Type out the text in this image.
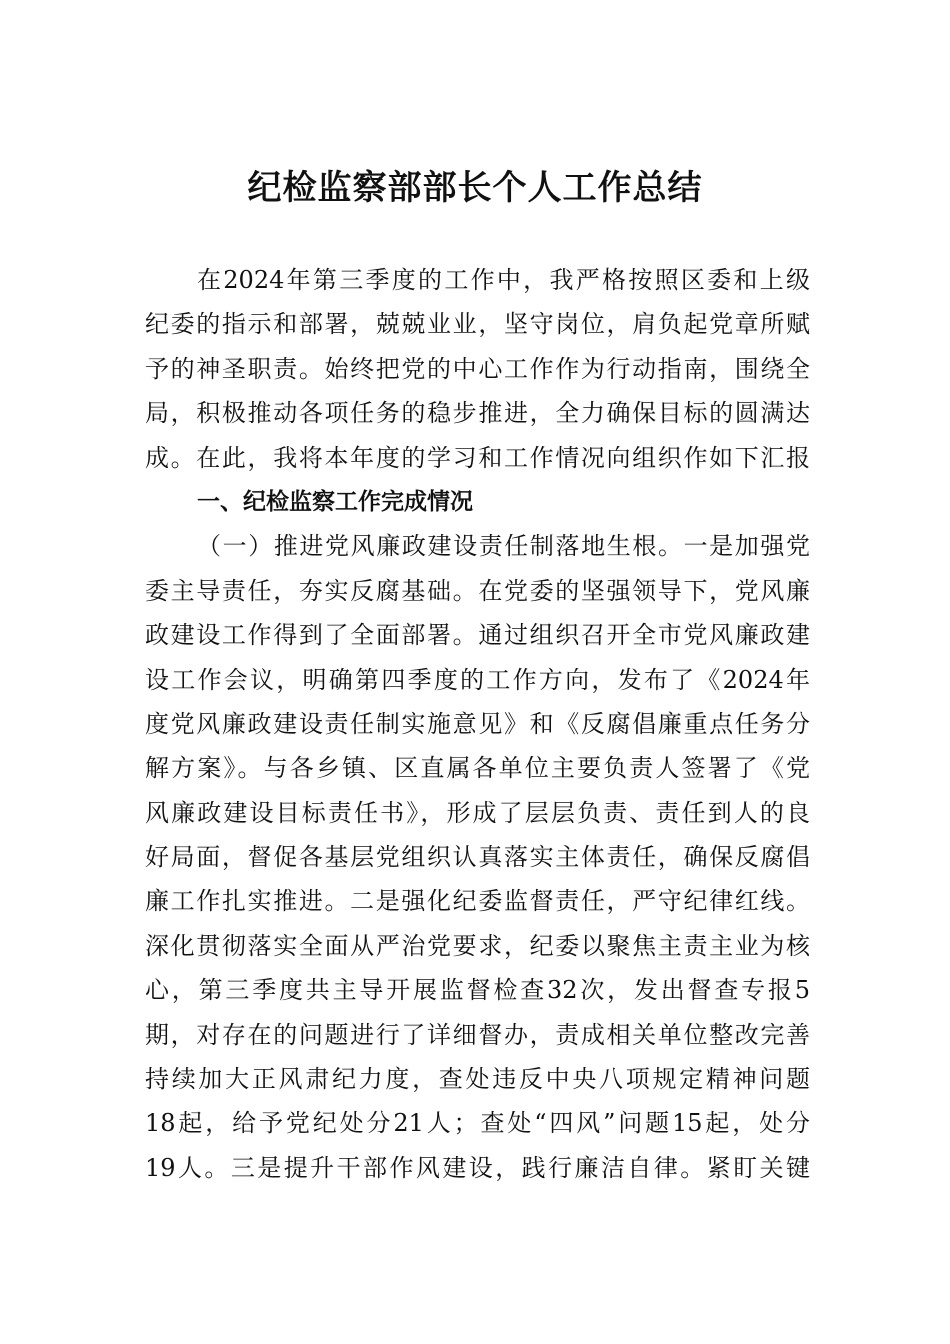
纪检监察部部长个人工作总结
在2024年第三季度的工作中，我严格按照区委和上级
纪委的指示和部署，兢兢业业，坚守岗位，肩负起党章所赋
予的神圣职责。始终把党的中心工作作为行动指南，围绕全
局，积极推动各项任务的稳步推进，全力确保目标的圆满达
成。在此，我将本年度的学习和工作情况向组织作如下汇报
一、纪检监察工作完成情况
（一）推进党风廉政建设责任制落地生根。一是加强党
委主导责任，夯实反腐基础。在党委的坚强领导下，党风廉
政建设工作得到了全面部署。通过组织召开全市党风廉政建
设工作会议，明确第四季度的工作方向，发布了《2024年
度党风廉政建设责任制实施意见》和《反腐倡廉重点任务分
解方案》。与各乡镇、区直属各单位主要负责人签署了《党
风廉政建设目标责任书》，形成了层层负责、责任到人的良
好局面，督促各基层党组织认真落实主体责任，确保反腐倡
廉工作扎实推进。二是强化纪委监督责任，严守纪律红线。
深化贯彻落实全面从严治党要求，纪委以聚焦主责主业为核
心，第三季度共主导开展监督检查32次，发出督查专报5
期，对存在的问题进行了详细督办，责成相关单位整改完善
持续加大正风肃纪力度，查处违反中央八项规定精神问题
18起，给予党纪处分21人；查处“四风”问题15起，处分
19人。三是提升干部作风建设，践行廉洁自律。紧盯关键
